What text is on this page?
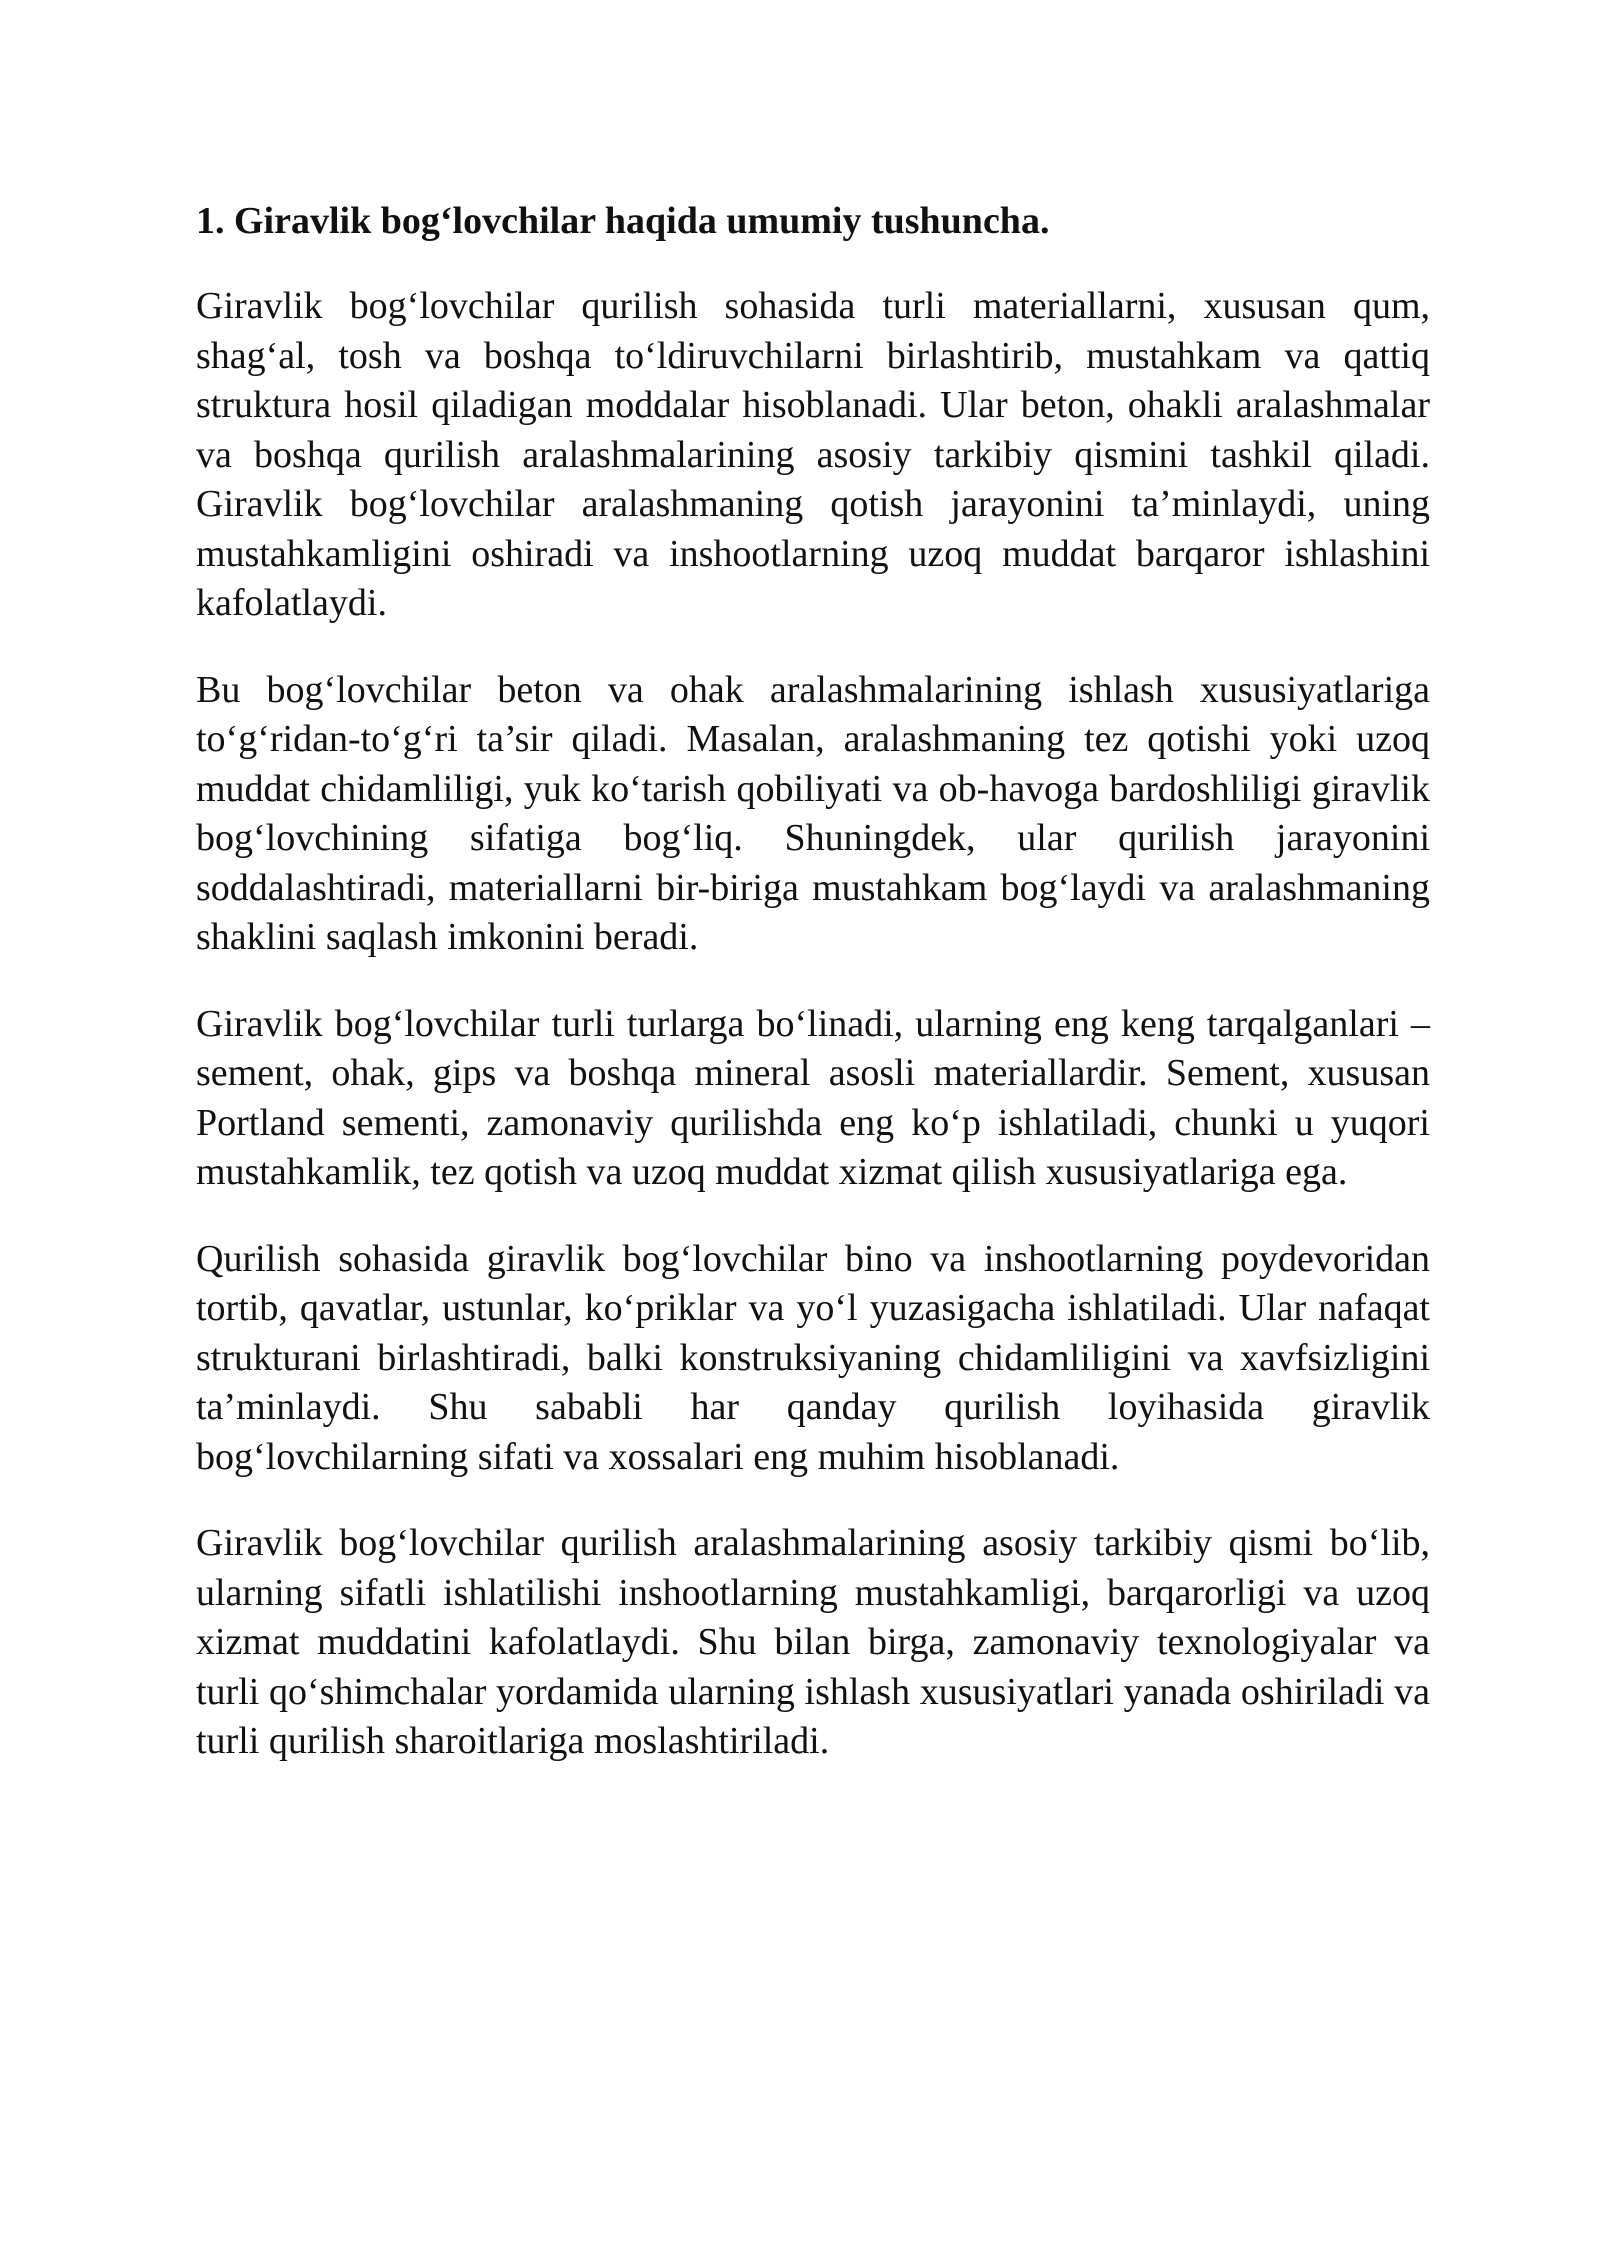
1. Giravlik bog‘lovchilar haqida umumiy tushuncha.

Giravlik bog‘lovchilar qurilish sohasida turli materiallarni, xususan qum, shag‘al, tosh va boshqa to‘ldiruvchilarni birlashtirib, mustahkam va qattiq struktura hosil qiladigan moddalar hisoblanadi. Ular beton, ohakli aralashmalar va boshqa qurilish aralashmalarining asosiy tarkibiy qismini tashkil qiladi. Giravlik bog‘lovchilar aralashmaning qotish jarayonini ta’minlaydi, uning mustahkamligini oshiradi va inshootlarning uzoq muddat barqaror ishlashini kafolatlaydi.

Bu bog‘lovchilar beton va ohak aralashmalarining ishlash xususiyatlariga to‘g‘ridan-to‘g‘ri ta’sir qiladi. Masalan, aralashmaning tez qotishi yoki uzoq muddat chidamliligi, yuk ko‘tarish qobiliyati va ob-havoga bardoshliligi giravlik bog‘lovchining sifatiga bog‘liq. Shuningdek, ular qurilish jarayonini soddalashtiradi, materiallarni bir-biriga mustahkam bog‘laydi va aralashmaning shaklini saqlash imkonini beradi.

Giravlik bog‘lovchilar turli turlarga bo‘linadi, ularning eng keng tarqalganlari – sement, ohak, gips va boshqa mineral asosli materiallardir. Sement, xususan Portland sementi, zamonaviy qurilishda eng ko‘p ishlatiladi, chunki u yuqori mustahkamlik, tez qotish va uzoq muddat xizmat qilish xususiyatlariga ega.

Qurilish sohasida giravlik bog‘lovchilar bino va inshootlarning poydevoridan tortib, qavatlar, ustunlar, ko‘priklar va yo‘l yuzasigacha ishlatiladi. Ular nafaqat strukturani birlashtiradi, balki konstruksiyaning chidamliligini va xavfsizligini ta’minlaydi. Shu sababli har qanday qurilish loyihasida giravlik bog‘lovchilarning sifati va xossalari eng muhim hisoblanadi.

Giravlik bog‘lovchilar qurilish aralashmalarining asosiy tarkibiy qismi bo‘lib, ularning sifatli ishlatilishi inshootlarning mustahkamligi, barqarorligi va uzoq xizmat muddatini kafolatlaydi. Shu bilan birga, zamonaviy texnologiyalar va turli qo‘shimchalar yordamida ularning ishlash xususiyatlari yanada oshiriladi va turli qurilish sharoitlariga moslashtiriladi.
